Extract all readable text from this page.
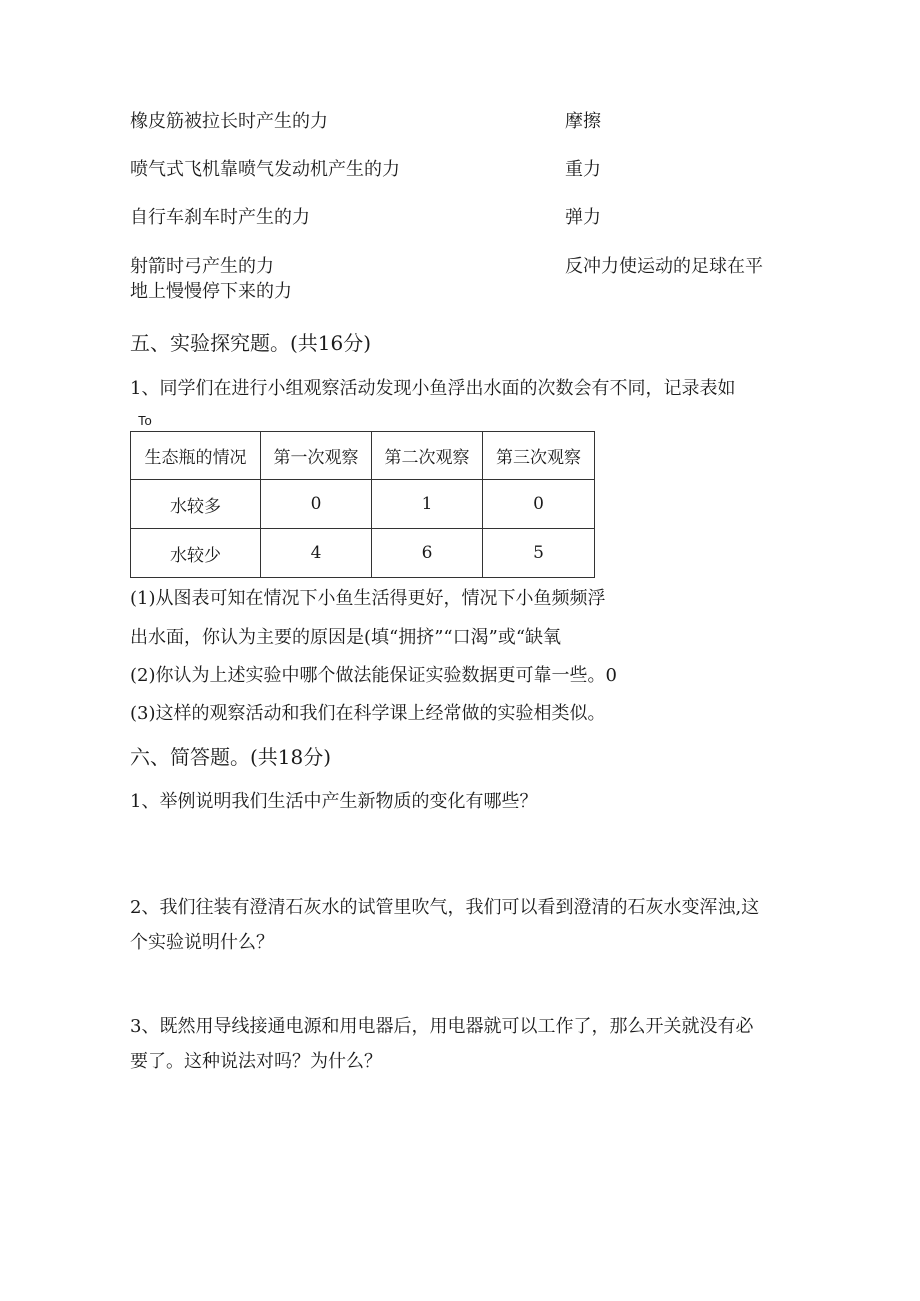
橡皮筋被拉长时产生的力	摩擦
喷气式飞机靠喷气发动机产生的力	重力
自行车刹车时产生的力	弹力
射箭时弓产生的力	反冲力使运动的足球在平
地上慢慢停下来的力
五、实验探究题。(共16分)
1、同学们在进行小组观察活动发现小鱼浮出水面的次数会有不同，记录表如
To
生态瓶的情况	第一次观察	第二次观察	第三次观察
水较多	0	1	0
水较少	4	6	5
(1)从图表可知在情况下小鱼生活得更好，情况下小鱼频频浮
出水面，你认为主要的原因是(填“拥挤”“口渴”或“缺氧
(2)你认为上述实验中哪个做法能保证实验数据更可靠一些。0
(3)这样的观察活动和我们在科学课上经常做的实验相类似。
六、简答题。(共18分)
1、举例说明我们生活中产生新物质的变化有哪些？
2、我们往装有澄清石灰水的试管里吹气，我们可以看到澄清的石灰水变浑浊,这
个实验说明什么？
3、既然用导线接通电源和用电器后，用电器就可以工作了，那么开关就没有必
要了。这种说法对吗？为什么？
